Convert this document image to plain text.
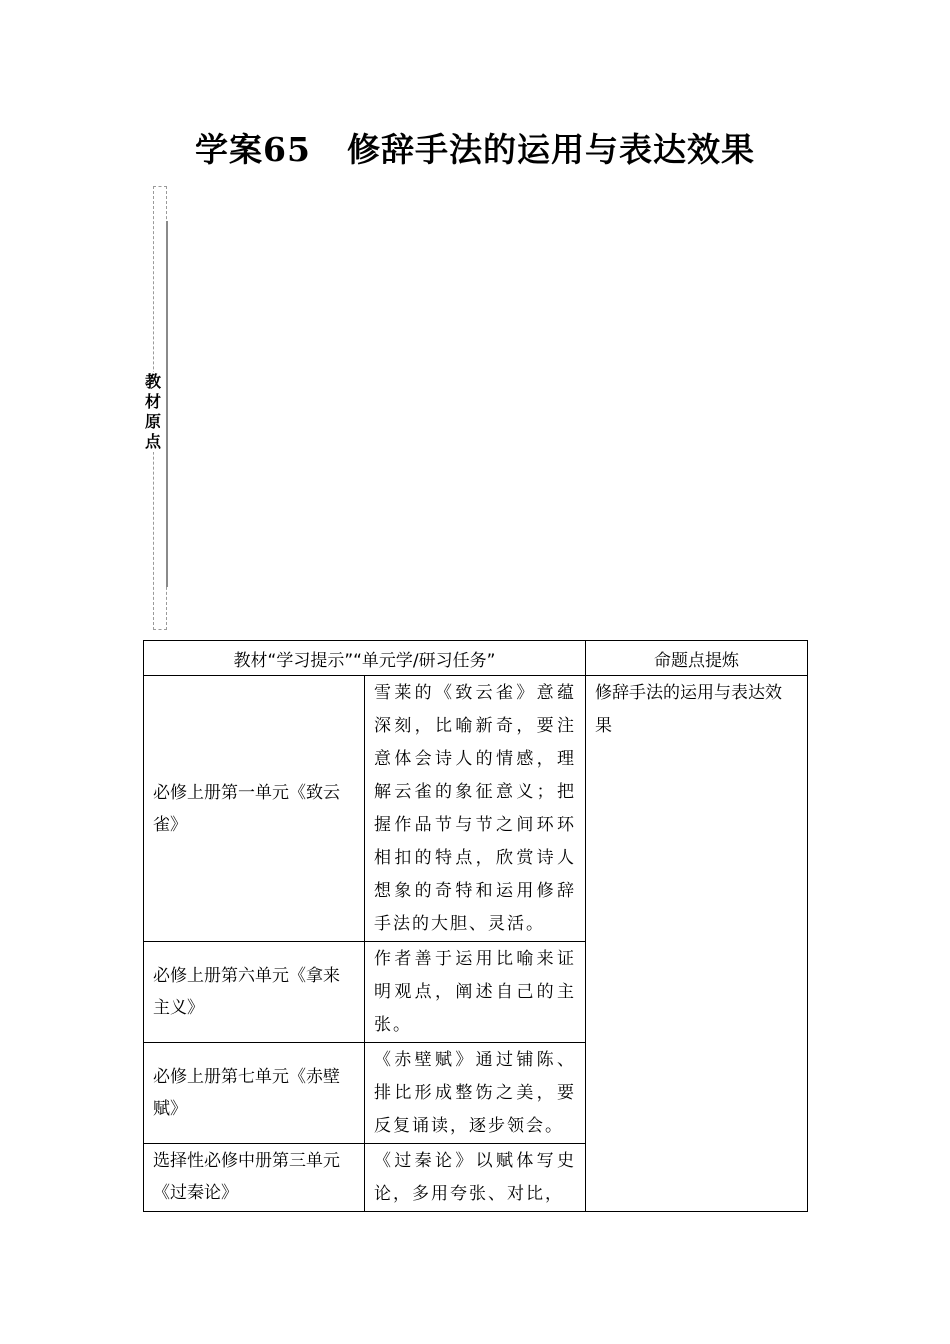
学案65 修辞手法的运用与表达效果
教
材
原
点
教材“学习提示”“单元学/研习任务”		命题点提炼
必修上册第一单元《致云雀》	雪莱的《致云雀》意蕴深刻，比喻新奇，要注意体会诗人的情感，理解云雀的象征意义；把握作品节与节之间环环相扣的特点，欣赏诗人想象的奇特和运用修辞手法的大胆、灵活。	修辞手法的运用与表达效果
必修上册第六单元《拿来主义》	作者善于运用比喻来证明观点，阐述自己的主张。	
必修上册第七单元《赤壁赋》	《赤壁赋》通过铺陈、排比形成整饬之美，要反复诵读，逐步领会。	
选择性必修中册第三单元《过秦论》	《过秦论》以赋体写史论，多用夸张、对比，	
